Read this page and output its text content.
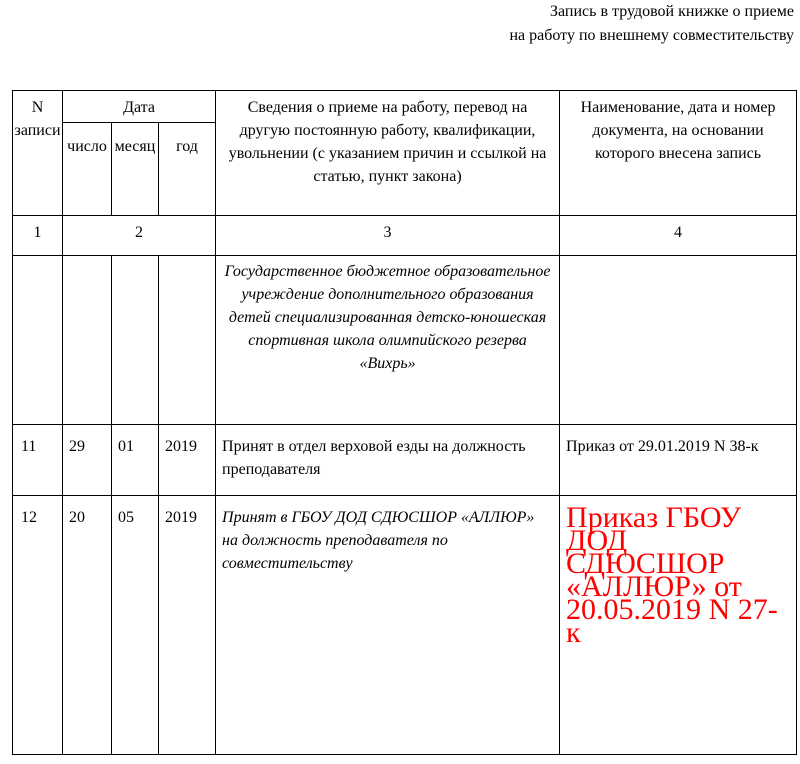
Запись в трудовой книжке о приеме
на работу по внешнему совместительству
N записи	Дата			Сведения о приеме на работу, перевод на другую постоянную работу, квалификации, увольнении (с указанием причин и ссылкой на статью, пункт закона)	Наименование, дата и номер документа, на основании которого внесена запись
	число	месяц	год		
1	2			3	4

				Государственное бюджетное образовательное учреждение дополнительного образования детей специализированная детско-юношеская спортивная школа олимпийского резерва «Вихрь»	

11	29	01	2019	Принят в отдел верховой езды на должность преподавателя	Приказ от 29.01.2019 N 38-к
12	20	05	2019	Принят в ГБОУ ДОД СДЮСШОР «АЛЛЮР» на должность преподавателя по совместительству	Приказ ГБОУ ДОД СДЮСШОР «АЛЛЮР» от 20.05.2019 N 27-к
